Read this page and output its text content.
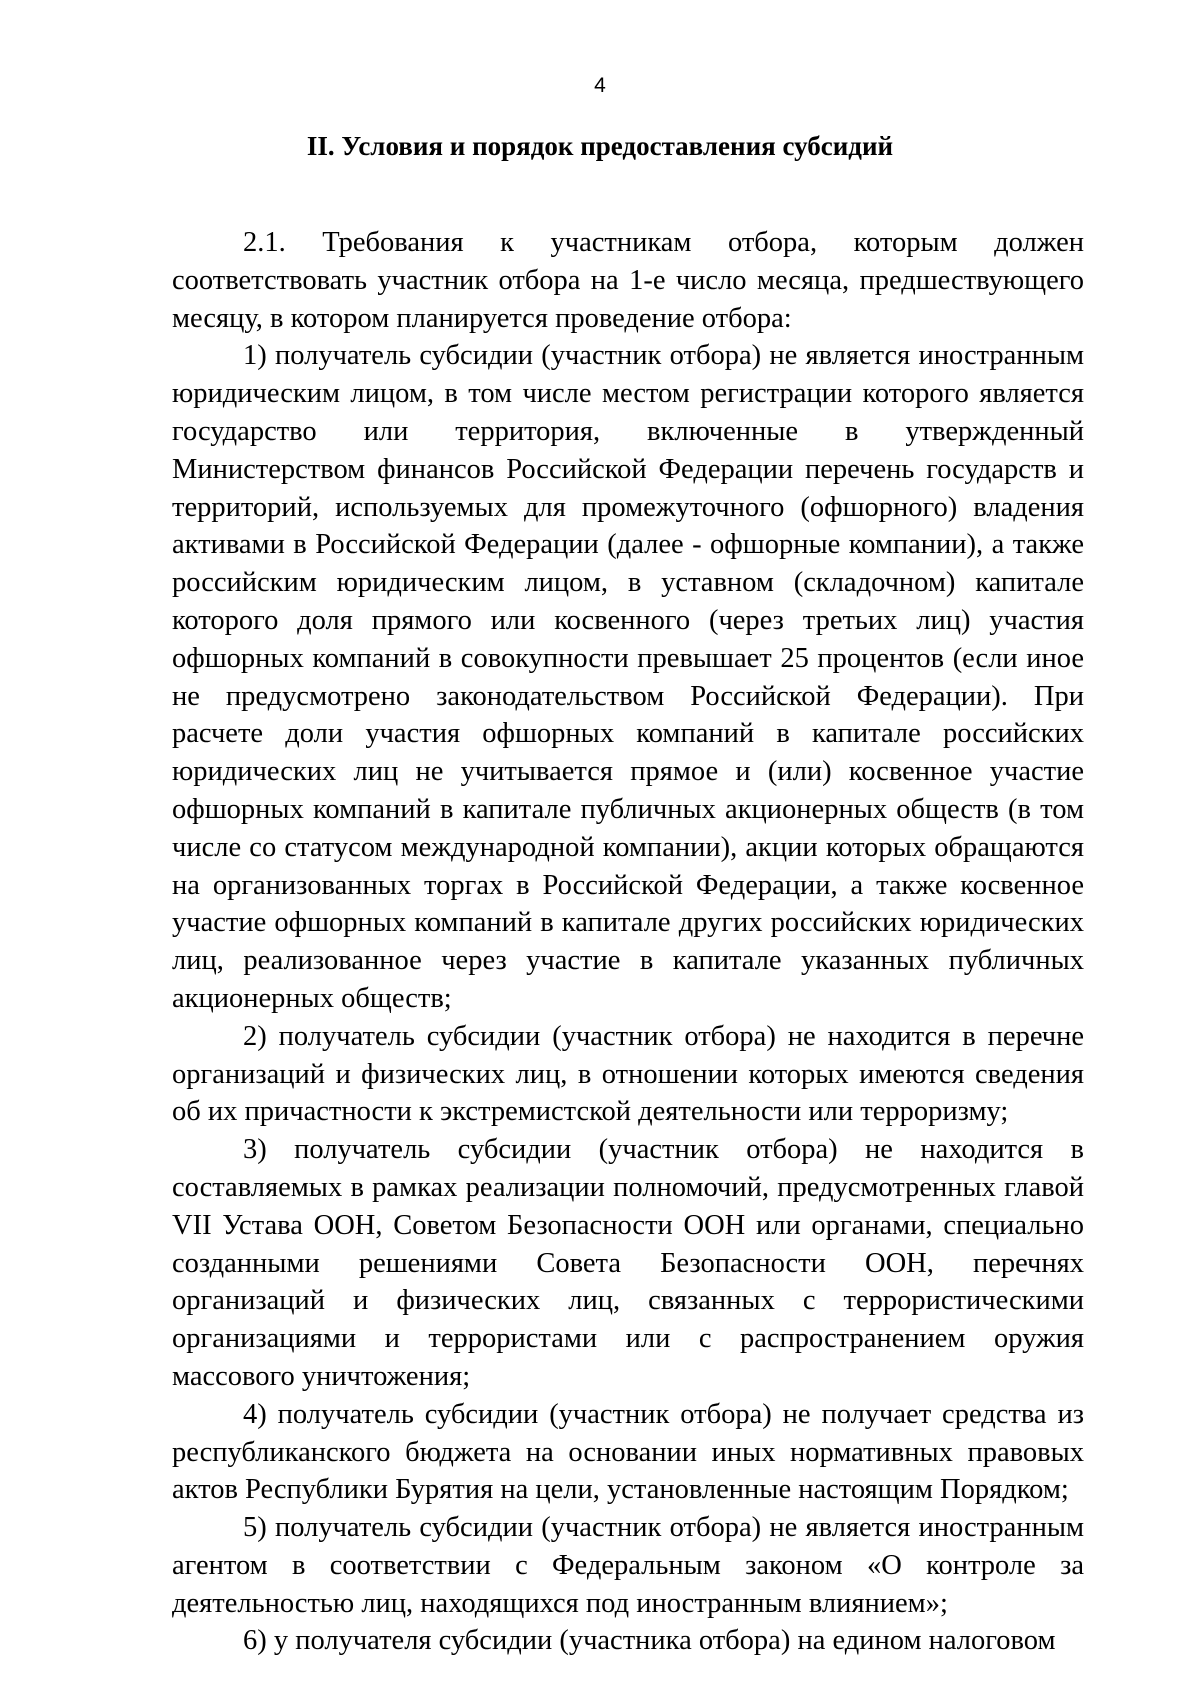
4
II. Условия и порядок предоставления субсидий

2.1. Требования к участникам отбора, которым должен соответствовать участник отбора на 1-е число месяца, предшествующего месяцу, в котором планируется проведение отбора:

1) получатель субсидии (участник отбора) не является иностранным юридическим лицом, в том числе местом регистрации которого является государство или территория, включенные в утвержденный Министерством финансов Российской Федерации перечень государств и территорий, используемых для промежуточного (офшорного) владения активами в Российской Федерации (далее - офшорные компании), а также российским юридическим лицом, в уставном (складочном) капитале которого доля прямого или косвенного (через третьих лиц) участия офшорных компаний в совокупности превышает 25 процентов (если иное не предусмотрено законодательством Российской Федерации). При расчете доли участия офшорных компаний в капитале российских юридических лиц не учитывается прямое и (или) косвенное участие офшорных компаний в капитале публичных акционерных обществ (в том числе со статусом международной компании), акции которых обращаются на организованных торгах в Российской Федерации, а также косвенное участие офшорных компаний в капитале других российских юридических лиц, реализованное через участие в капитале указанных публичных акционерных обществ;

2) получатель субсидии (участник отбора) не находится в перечне организаций и физических лиц, в отношении которых имеются сведения об их причастности к экстремистской деятельности или терроризму;

3) получатель субсидии (участник отбора) не находится в составляемых в рамках реализации полномочий, предусмотренных главой VII Устава ООН, Советом Безопасности ООН или органами, специально созданными решениями Совета Безопасности ООН, перечнях организаций и физических лиц, связанных с террористическими организациями и террористами или с распространением оружия массового уничтожения;

4) получатель субсидии (участник отбора) не получает средства из республиканского бюджета на основании иных нормативных правовых актов Республики Бурятия на цели, установленные настоящим Порядком;

5) получатель субсидии (участник отбора) не является иностранным агентом в соответствии с Федеральным законом «О контроле за деятельностью лиц, находящихся под иностранным влиянием»;

6) у получателя субсидии (участника отбора) на едином налоговом
